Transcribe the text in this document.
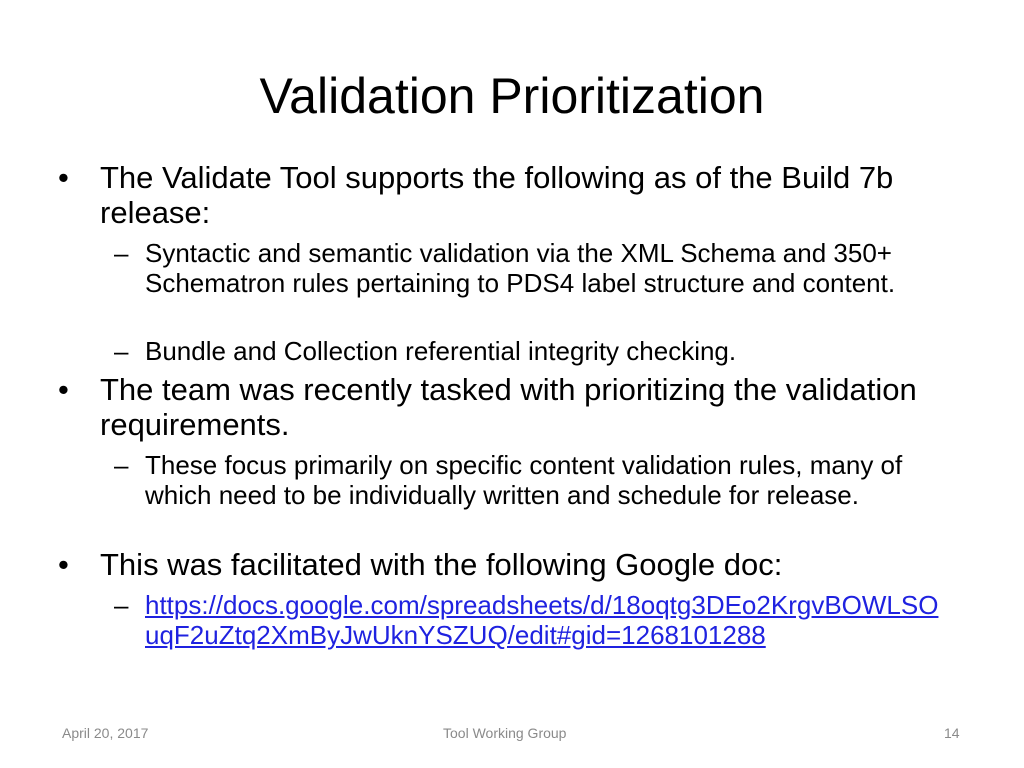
Validation Prioritization
• The Validate Tool supports the following as of the Build 7b release:
– Syntactic and semantic validation via the XML Schema and 350+ Schematron rules pertaining to PDS4 label structure and content.
– Bundle and Collection referential integrity checking.
• The team was recently tasked with prioritizing the validation requirements.
– These focus primarily on specific content validation rules, many of which need to be individually written and schedule for release.
• This was facilitated with the following Google doc:
– https://docs.google.com/spreadsheets/d/18oqtg3DEo2KrgvBOWLSOuqF2uZtq2XmByJwUknYSZUQ/edit#gid=1268101288
April 20, 2017	Tool Working Group	14
